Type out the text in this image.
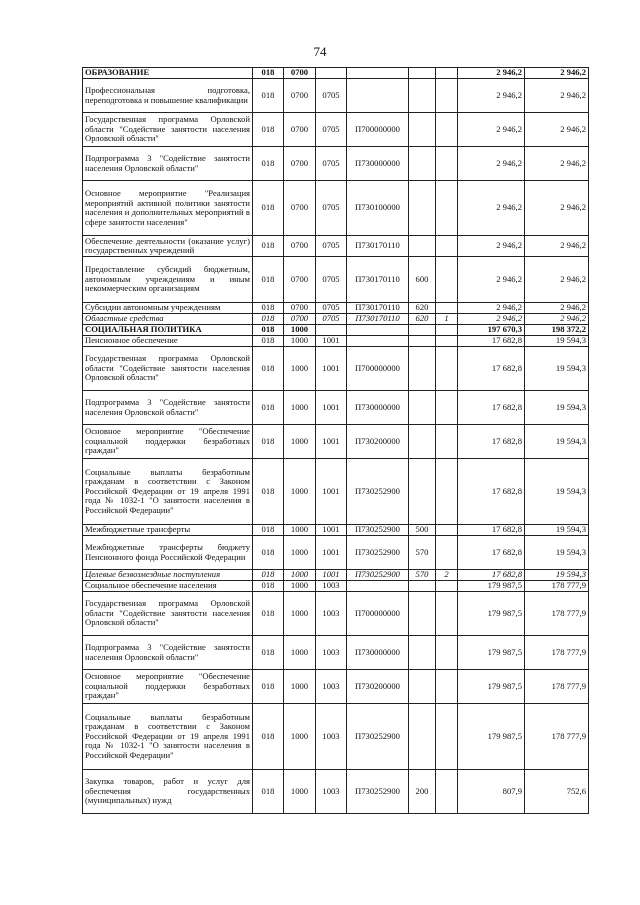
74
ОБРАЗОВАНИЕ	018	0700					2 946,2	2 946,2
Профессиональная подготовка, переподготовка и повышение квалификации	018	0700	0705				2 946,2	2 946,2
Государственная программа Орловской области "Содействие занятости населения Орловской области"	018	0700	0705	П700000000			2 946,2	2 946,2
Подпрограмма 3 "Содействие занятости населения Орловской области"	018	0700	0705	П730000000			2 946,2	2 946,2
Основное мероприятие "Реализация мероприятий активной политики занятости населения и дополнительных мероприятий в сфере занятости населения"	018	0700	0705	П730100000			2 946,2	2 946,2
Обеспечение деятельности (оказание услуг) государственных учреждений	018	0700	0705	П730170110			2 946,2	2 946,2
Предоставление субсидий бюджетным, автономным учреждениям и иным некоммерческим организациям	018	0700	0705	П730170110	600		2 946,2	2 946,2
Субсидии автономным учреждениям	018	0700	0705	П730170110	620		2 946,2	2 946,2
Областные средства	018	0700	0705	П730170110	620	1	2 946,2	2 946,2
СОЦИАЛЬНАЯ ПОЛИТИКА	018	1000					197 670,3	198 372,2
Пенсионное обеспечение	018	1000	1001				17 682,8	19 594,3
Государственная программа Орловской области "Содействие занятости населения Орловской области"	018	1000	1001	П700000000			17 682,8	19 594,3
Подпрограмма 3 "Содействие занятости населения Орловской области"	018	1000	1001	П730000000			17 682,8	19 594,3
Основное мероприятие "Обеспечение социальной поддержки безработных граждан"	018	1000	1001	П730200000			17 682,8	19 594,3
Социальные выплаты безработным гражданам в соответствии с Законом Российской Федерации от 19 апреля 1991 года № 1032-1 "О занятости населения в Российской Федерации"	018	1000	1001	П730252900			17 682,8	19 594,3
Межбюджетные трансферты	018	1000	1001	П730252900	500		17 682,8	19 594,3
Межбюджетные трансферты бюджету Пенсионного фонда Российской Федерации	018	1000	1001	П730252900	570		17 682,8	19 594,3
Целевые безвозмездные поступления	018	1000	1001	П730252900	570	2	17 682,8	19 594,3
Социальное обеспечение населения	018	1000	1003				179 987,5	178 777,9
Государственная программа Орловской области "Содействие занятости населения Орловской области"	018	1000	1003	П700000000			179 987,5	178 777,9
Подпрограмма 3 "Содействие занятости населения Орловской области"	018	1000	1003	П730000000			179 987,5	178 777,9
Основное мероприятие "Обеспечение социальной поддержки безработных граждан"	018	1000	1003	П730200000			179 987,5	178 777,9
Социальные выплаты безработным гражданам в соответствии с Законом Российской Федерации от 19 апреля 1991 года № 1032-1 "О занятости населения в Российской Федерации"	018	1000	1003	П730252900			179 987,5	178 777,9
Закупка товаров, работ и услуг для обеспечения государственных (муниципальных) нужд	018	1000	1003	П730252900	200		807,9	752,6
